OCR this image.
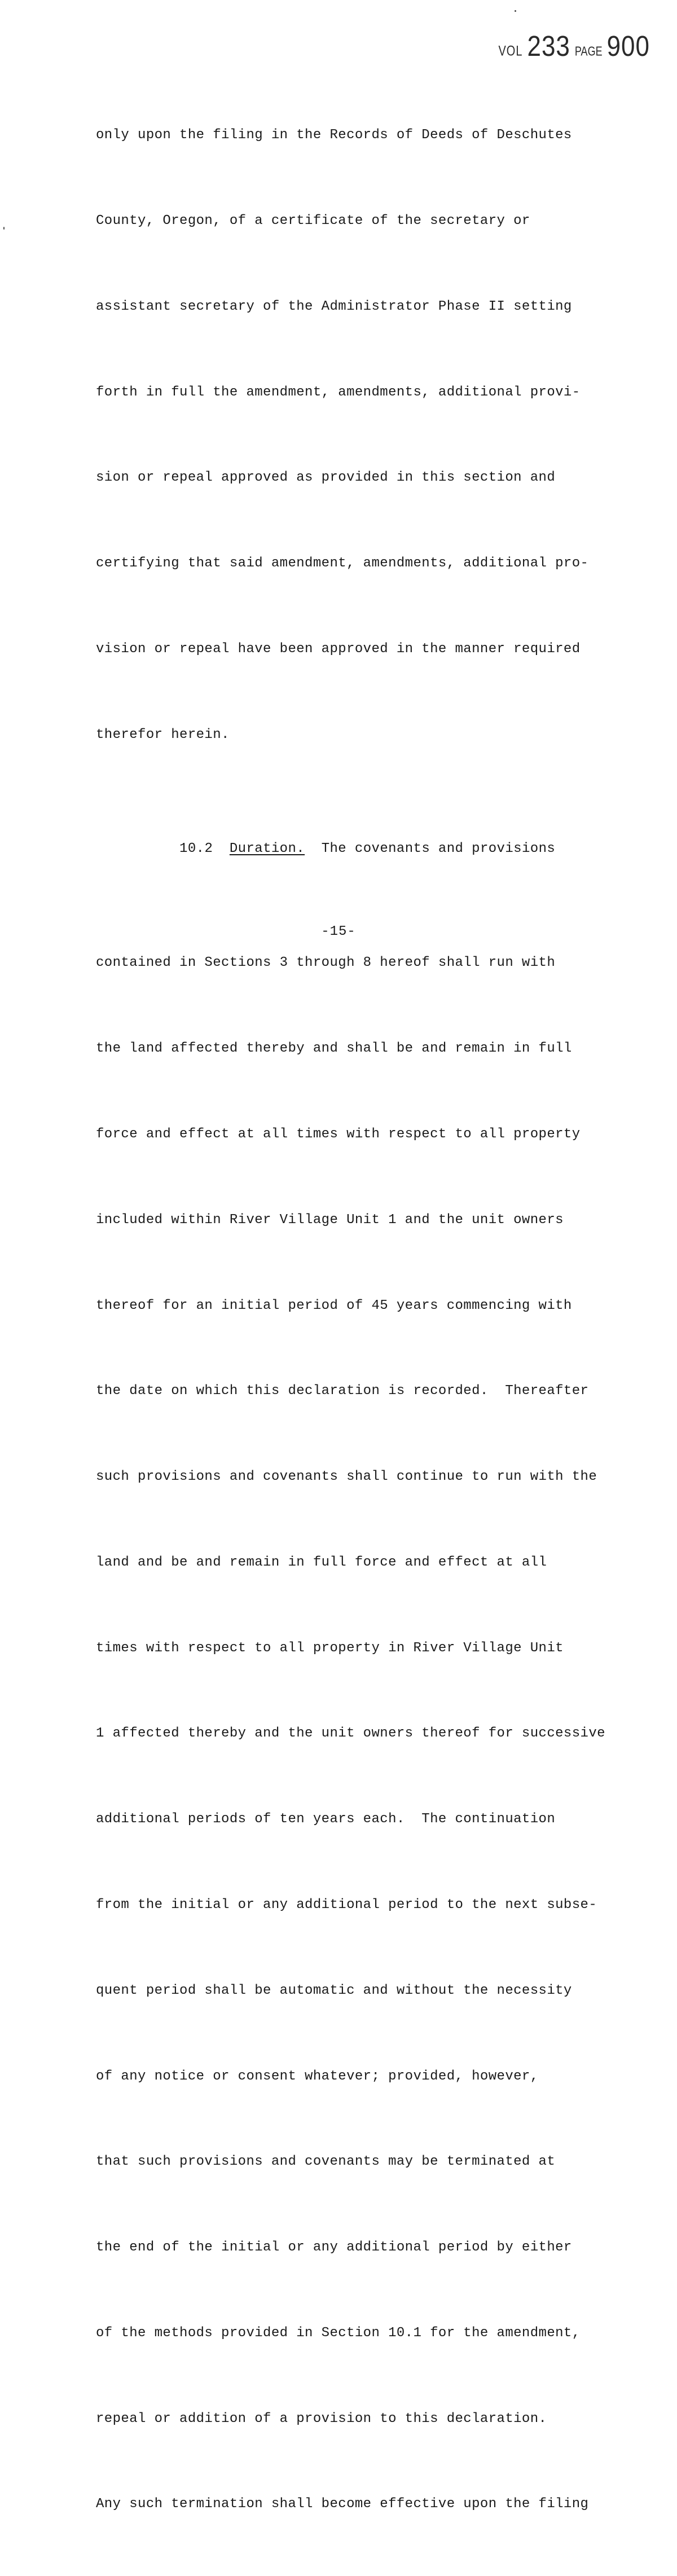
VOL 233 PAGE 900

only upon the filing in the Records of Deeds of Deschutes

County, Oregon, of a certificate of the secretary or

assistant secretary of the Administrator Phase II setting

forth in full the amendment, amendments, additional provi-

sion or repeal approved as provided in this section and

certifying that said amendment, amendments, additional pro-

vision or repeal have been approved in the manner required

therefor herein.

10.2 Duration. The covenants and provisions

contained in Sections 3 through 8 hereof shall run with

the land affected thereby and shall be and remain in full

force and effect at all times with respect to all property

included within River Village Unit 1 and the unit owners

thereof for an initial period of 45 years commencing with

the date on which this declaration is recorded.  Thereafter

such provisions and covenants shall continue to run with the

land and be and remain in full force and effect at all

times with respect to all property in River Village Unit

1 affected thereby and the unit owners thereof for successive

additional periods of ten years each.  The continuation

from the initial or any additional period to the next subse-

quent period shall be automatic and without the necessity

of any notice or consent whatever; provided, however,

that such provisions and covenants may be terminated at

the end of the initial or any additional period by either

of the methods provided in Section 10.1 for the amendment,

repeal or addition of a provision to this declaration.

Any such termination shall become effective upon the filing

-15-
